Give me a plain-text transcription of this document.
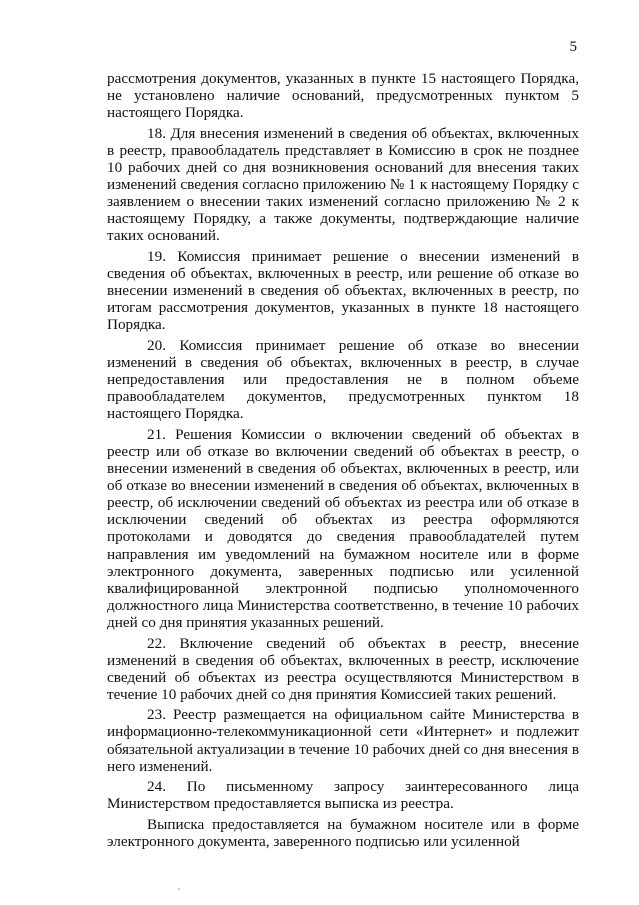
5

рассмотрения документов, указанных в пункте 15 настоящего Порядка, не установлено наличие оснований, предусмотренных пунктом 5 настоящего Порядка.

18. Для внесения изменений в сведения об объектах, включенных в реестр, правообладатель представляет в Комиссию в срок не позднее 10 рабочих дней со дня возникновения оснований для внесения таких изменений сведения согласно приложению № 1 к настоящему Порядку с заявлением о внесении таких изменений согласно приложению № 2 к настоящему Порядку, а также документы, подтверждающие наличие таких оснований.

19. Комиссия принимает решение о внесении изменений в сведения об объектах, включенных в реестр, или решение об отказе во внесении изменений в сведения об объектах, включенных в реестр, по итогам рассмотрения документов, указанных в пункте 18 настоящего Порядка.

20. Комиссия принимает решение об отказе во внесении изменений в сведения об объектах, включенных в реестр, в случае непредоставления или предоставления не в полном объеме правообладателем документов, предусмотренных пунктом 18 настоящего Порядка.

21. Решения Комиссии о включении сведений об объектах в реестр или об отказе во включении сведений об объектах в реестр, о внесении изменений в сведения об объектах, включенных в реестр, или об отказе во внесении изменений в сведения об объектах, включенных в реестр, об исключении сведений об объектах из реестра или об отказе в исключении сведений об объектах из реестра оформляются протоколами и доводятся до сведения правообладателей путем направления им уведомлений на бумажном носителе или в форме электронного документа, заверенных подписью или усиленной квалифицированной электронной подписью уполномоченного должностного лица Министерства соответственно, в течение 10 рабочих дней со дня принятия указанных решений.

22. Включение сведений об объектах в реестр, внесение изменений в сведения об объектах, включенных в реестр, исключение сведений об объектах из реестра осуществляются Министерством в течение 10 рабочих дней со дня принятия Комиссией таких решений.

23. Реестр размещается на официальном сайте Министерства в информационно-телекоммуникационной сети «Интернет» и подлежит обязательной актуализации в течение 10 рабочих дней со дня внесения в него изменений.

24. По письменному запросу заинтересованного лица Министерством предоставляется выписка из реестра.

Выписка предоставляется на бумажном носителе или в форме электронного документа, заверенного подписью или усиленной
